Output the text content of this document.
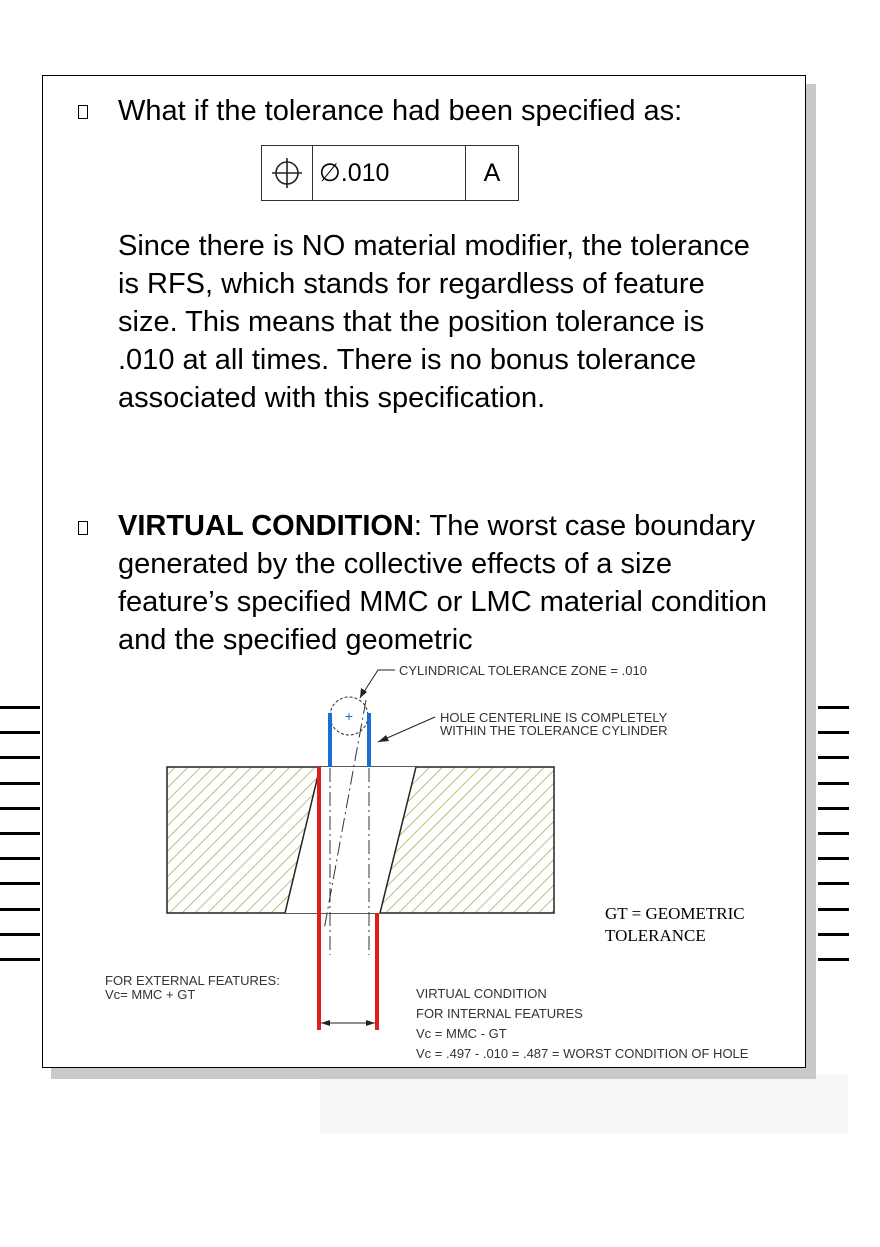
What if the tolerance had been specified as:
∅.010	A
Since there is NO material modifier, the tolerance is RFS, which stands for regardless of feature size. This means that the position tolerance is .010 at all times. There is no bonus tolerance associated with this specification.
VIRTUAL CONDITION: The worst case boundary generated by the collective effects of a size feature’s specified MMC or LMC material condition and the specified geometric
+
CYLINDRICAL TOLERANCE ZONE = .010
HOLE CENTERLINE IS COMPLETELY
WITHIN THE TOLERANCE CYLINDER
FOR EXTERNAL FEATURES:
Vc= MMC + GT	VIRTUAL CONDITION
FOR INTERNAL FEATURES
Vc = MMC - GT
Vc = .497 - .010 = .487 = WORST CONDITION OF HOLE
GT = GEOMETRIC TOLERANCE
